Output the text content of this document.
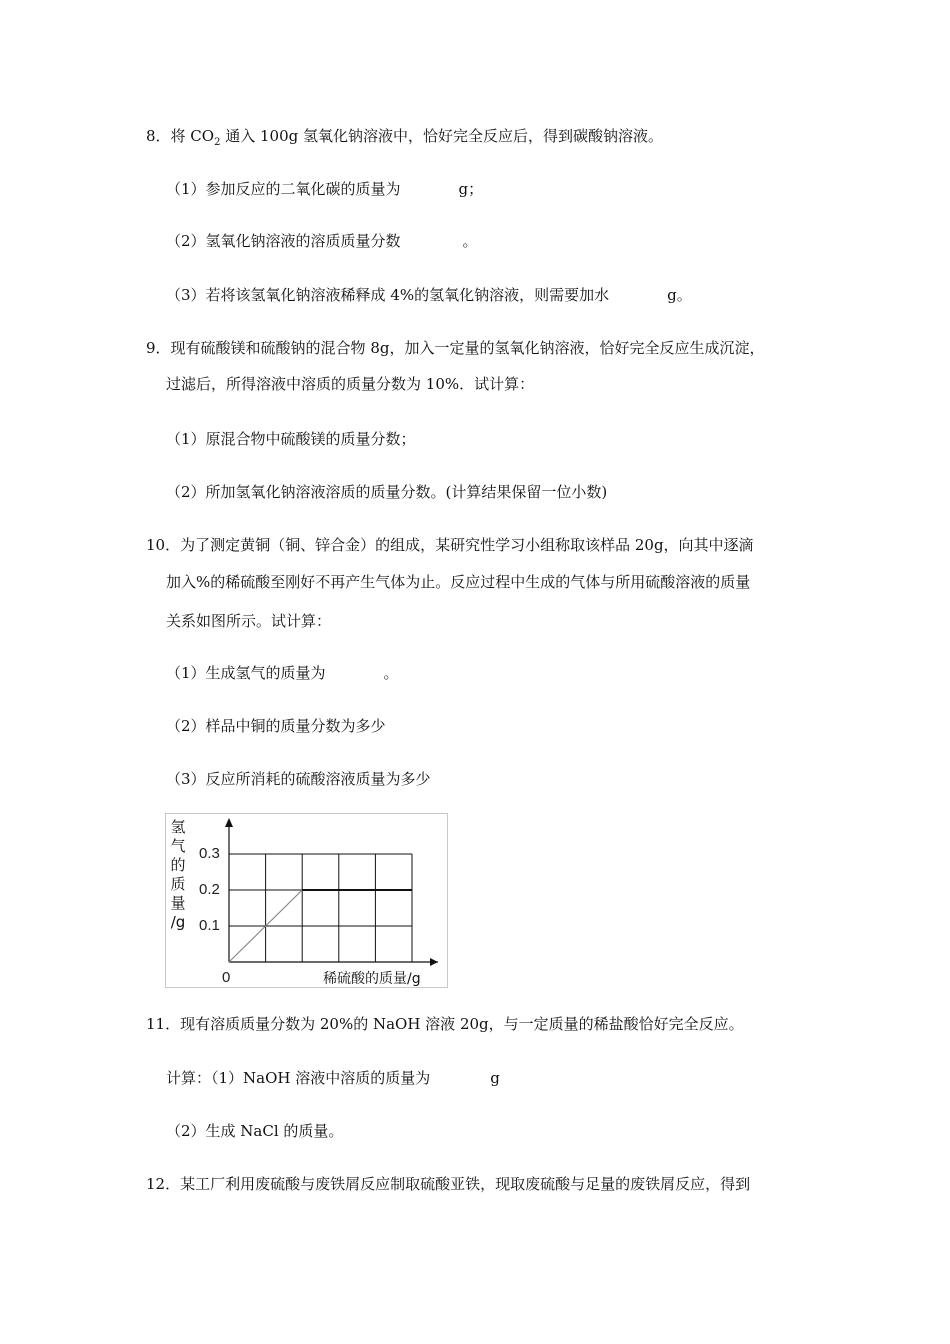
8．将 $CO_2$ 通入 100g 氢氧化钠溶液中，恰好完全反应后，得到碳酸钠溶液。
（1）参加反应的二氧化碳的质量为	g；
（2）氢氧化钠溶液的溶质质量分数	。
（3）若将该氢氧化钠溶液稀释成 4%的氢氧化钠溶液，则需要加水	g。
9．现有硫酸镁和硫酸钠的混合物 8g，加入一定量的氢氧化钠溶液，恰好完全反应生成沉淀，
过滤后，所得溶液中溶质的质量分数为 10%．试计算：
（1）原混合物中硫酸镁的质量分数；
（2）所加氢氧化钠溶液溶质的质量分数。(计算结果保留一位小数)
10．为了测定黄铜（铜、锌合金）的组成，某研究性学习小组称取该样品 20g，向其中逐滴
加入%的稀硫酸至刚好不再产生气体为止。反应过程中生成的气体与所用硫酸溶液的质量
关系如图所示。试计算：
（1）生成氢气的质量为	。
（2）样品中铜的质量分数为多少
（3）反应所消耗的硫酸溶液质量为多少
氢
气
的
质
量
/g
稀硫酸的质量/g
0.3
0.2
0.1
0
11．现有溶质质量分数为 20%的 NaOH 溶液 20g，与一定质量的稀盐酸恰好完全反应。
计算：（1）NaOH 溶液中溶质的质量为	g
（2）生成 NaCl 的质量。
12．某工厂利用废硫酸与废铁屑反应制取硫酸亚铁，现取废硫酸与足量的废铁屑反应，得到
